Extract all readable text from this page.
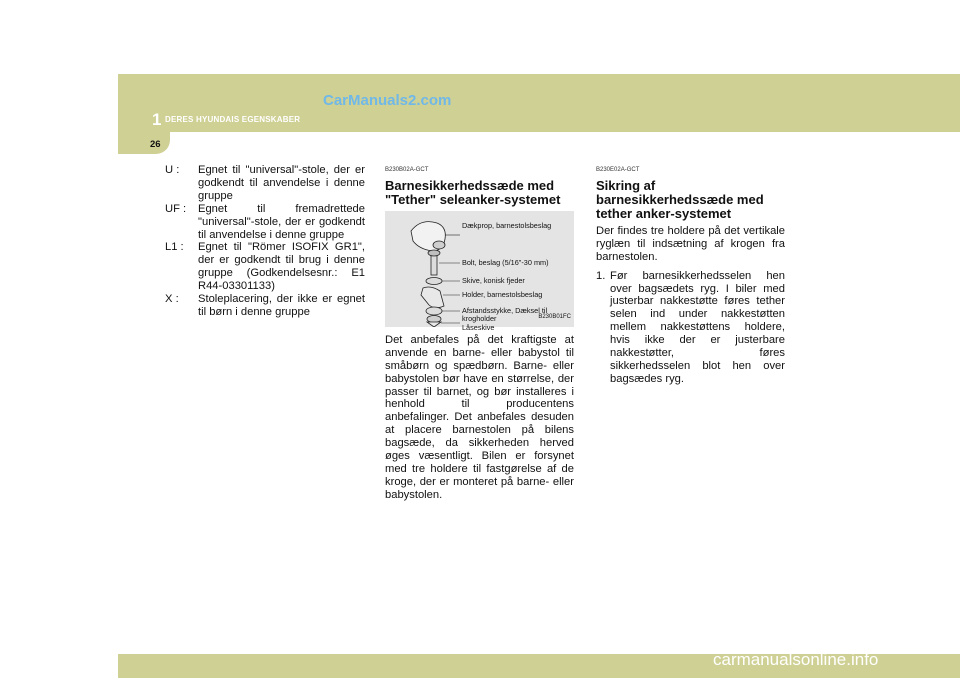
1 DERES HYUNDAIS EGENSKABER
CarManuals2.com
26
U :	Egnet til "universal"-stole, der er godkendt til anvendelse i denne gruppe
UF :	Egnet til fremadrettede "universal"-stole, der er godkendt til anvendelse i denne gruppe
L1 :	Egnet til "Römer ISOFIX GR1", der er godkendt til brug i denne gruppe (Godkendelsesnr.: E1 R44-03301133)
X :	Stoleplacering, der ikke er egnet til børn i denne gruppe
B230B02A-GCT
Barnesikkerhedssæde med "Tether" seleanker-systemet
Dækprop, barnestolsbeslag
Bolt, beslag (5/16"-30 mm)
Skive, konisk fjeder
Holder, barnestolsbeslag
Afstandsstykke, Dæksel til krogholder
Låseskive
B230B01FC

Det anbefales på det kraftigste at anvende en barne- eller babystol til småbørn og spædbørn. Barne- eller babystolen bør have en størrelse, der passer til barnet, og bør installeres i henhold til producentens anbefalinger. Det anbefales desuden at placere barnestolen på bilens bagsæde, da sikkerheden herved øges væsentligt. Bilen er forsynet med tre holdere til fastgørelse af de kroge, der er monteret på barne- eller babystolen.

B230E02A-GCT
Sikring af barnesikkerhedssæde med tether anker-systemet

Der findes tre holdere på det vertikale ryglæn til indsætning af krogen fra barnestolen.

1. Før barnesikkerhedsselen hen over bagsædets ryg. I biler med justerbar nakkestøtte føres tether selen ind under nakkestøtten mellem nakkestøttens holdere, hvis ikke der er justerbare nakkestøtter, føres sikkerhedsselen blot hen over bagsædes ryg.
carmanualsonline.info
